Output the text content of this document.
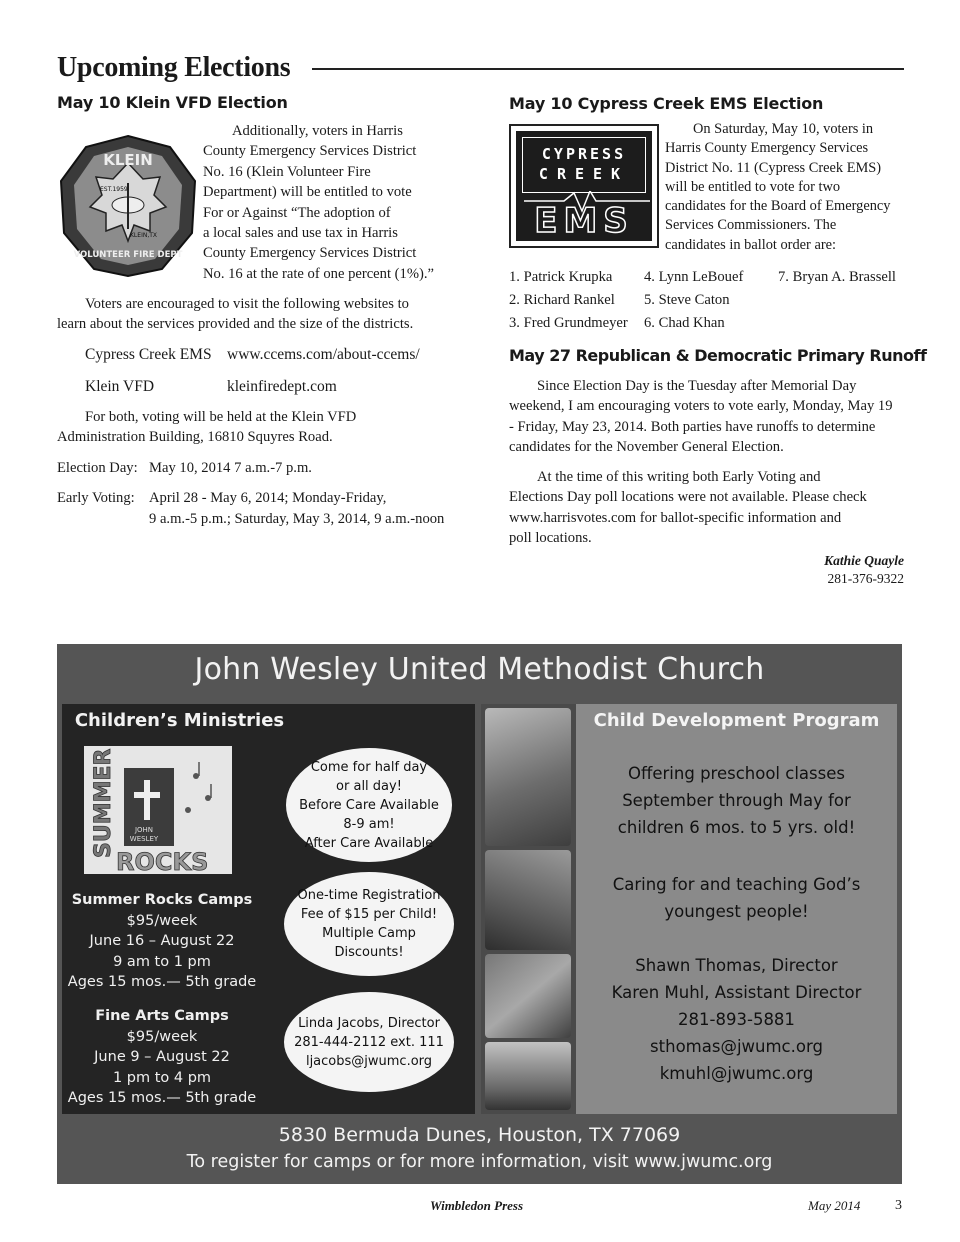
Upcoming Elections
May 10 Klein VFD Election
KLEIN
EST.1959
KLEIN,TX
VOLUNTEER FIRE DEPT
Additionally, voters in Harris
County Emergency Services District
No. 16 (Klein Volunteer Fire
Department) will be entitled to vote
For or Against “The adoption of
a local sales and use tax in Harris
County Emergency Services District
No. 16 at the rate of one percent (1%).”
Voters are encouraged to visit the following websites to
learn about the services provided and the size of the districts.
Cypress Creek EMS www.ccems.com/about-ccems/
Klein VFD	kleinfiredept.com
For both, voting will be held at the Klein VFD
Administration Building, 16810 Squyres Road.
Election Day: May 10, 2014 7 a.m.-7 p.m.
Early Voting: April 28 - May 6, 2014; Monday-Friday,
9 a.m.-5 p.m.; Saturday, May 3, 2014, 9 a.m.-noon
May 10 Cypress Creek EMS Election
CYPRESS
CREEK
EMS
On Saturday, May 10, voters in
Harris County Emergency Services
District No. 11 (Cypress Creek EMS)
will be entitled to vote for two
candidates for the Board of Emergency
Services Commissioners. The
candidates in ballot order are:
1. Patrick Krupka	4. Lynn LeBouef	7. Bryan A. Brassell
2. Richard Rankel	5. Steve Caton	
3. Fred Grundmeyer	6. Chad Khan	
May 27 Republican & Democratic Primary Runoff
Since Election Day is the Tuesday after Memorial Day
weekend, I am encouraging voters to vote early, Monday, May 19
- Friday, May 23, 2014. Both parties have runoffs to determine
candidates for the November General Election.
At the time of this writing both Early Voting and
Elections Day poll locations were not available. Please check
www.harrisvotes.com for ballot-specific information and
poll locations.
Kathie Quayle
281-376-9322
John Wesley United Methodist Church
Children’s Ministries
JOHN
WESLEY
SUMMER
ROCKS
Summer Rocks Camps
$95/week
June 16 – August 22
9 am to 1 pm
Ages 15 mos.— 5th grade
Fine Arts Camps
$95/week
June 9 – August 22
1 pm to 4 pm
Ages 15 mos.— 5th grade
Come for half day
or all day!
Before Care Available
8-9 am!
After Care Available
One-time Registration
Fee of $15 per Child!
Multiple Camp
Discounts!
Linda Jacobs, Director
281-444-2112 ext. 111
ljacobs@jwumc.org
Child Development Program
Offering preschool classes
September through May for
children 6 mos. to 5 yrs. old!
Caring for and teaching God’s
youngest people!
Shawn Thomas, Director
Karen Muhl, Assistant Director
281-893-5881
sthomas@jwumc.org
kmuhl@jwumc.org
5830 Bermuda Dunes, Houston, TX 77069
To register for camps or for more information, visit www.jwumc.org
Wimbledon Press	May 2014 3
